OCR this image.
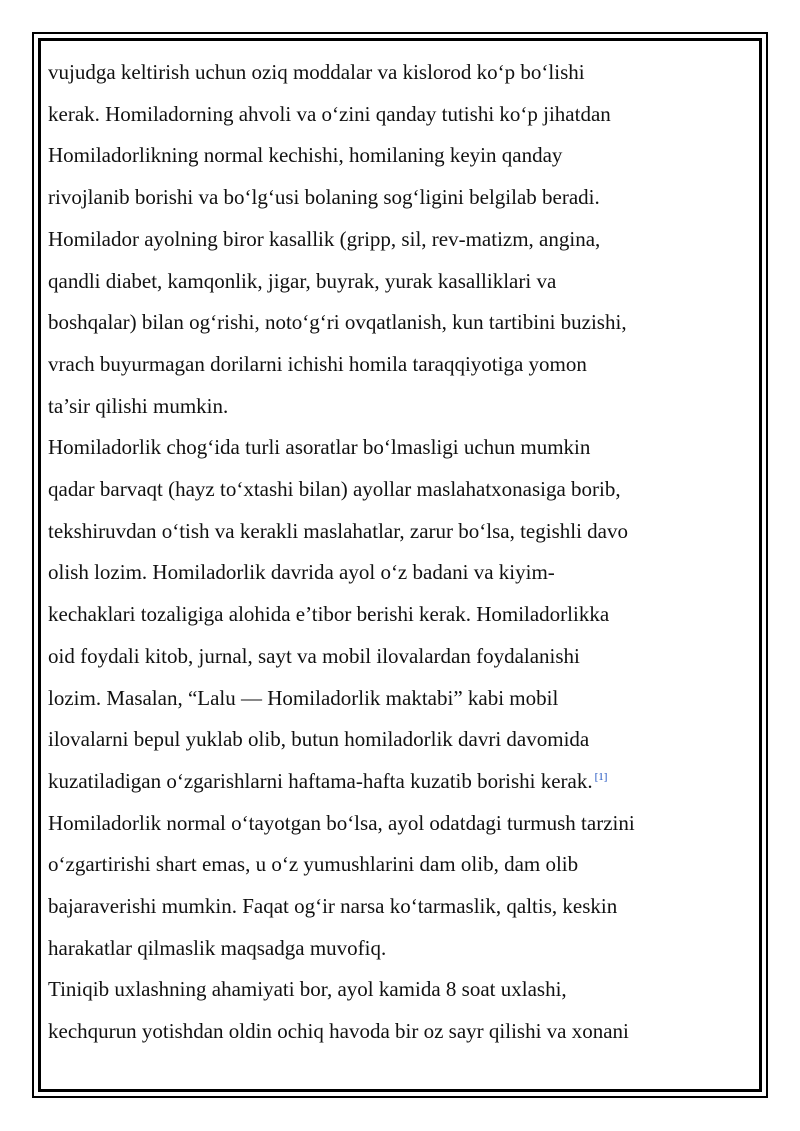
vujudga keltirish uchun oziq moddalar va kislorod koʻp boʻlishi
kerak. Homiladorning ahvoli va oʻzini qanday tutishi koʻp jihatdan
Homiladorlikning normal kechishi, homilaning keyin qanday
rivojlanib borishi va boʻlgʻusi bolaning sogʻligini belgilab beradi.
Homilador ayolning biror kasallik (gripp, sil, rev-matizm, angina,
qandli diabet, kamqonlik, jigar, buyrak, yurak kasalliklari va
boshqalar) bilan ogʻrishi, notoʻgʻri ovqatlanish, kun tartibini buzishi,
vrach buyurmagan dorilarni ichishi homila taraqqiyotiga yomon
ta’sir qilishi mumkin.
Homiladorlik chogʻida turli asoratlar boʻlmasligi uchun mumkin
qadar barvaqt (hayz toʻxtashi bilan) ayollar maslahatxonasiga borib,
tekshiruvdan oʻtish va kerakli maslahatlar, zarur boʻlsa, tegishli davo
olish lozim. Homiladorlik davrida ayol oʻz badani va kiyim-
kechaklari tozaligiga alohida e’tibor berishi kerak. Homiladorlikka
oid foydali kitob, jurnal, sayt va mobil ilovalardan foydalanishi
lozim. Masalan, “Lalu — Homiladorlik maktabi” kabi mobil
ilovalarni bepul yuklab olib, butun homiladorlik davri davomida
kuzatiladigan oʻzgarishlarni haftama-hafta kuzatib borishi kerak. [1]
Homiladorlik normal oʻtayotgan boʻlsa, ayol odatdagi turmush tarzini
oʻzgartirishi shart emas, u oʻz yumushlarini dam olib, dam olib
bajaraverishi mumkin. Faqat ogʻir narsa koʻtarmaslik, qaltis, keskin
harakatlar qilmaslik maqsadga muvofiq.
Tiniqib uxlashning ahamiyati bor, ayol kamida 8 soat uxlashi,
kechqurun yotishdan oldin ochiq havoda bir oz sayr qilishi va xonani
